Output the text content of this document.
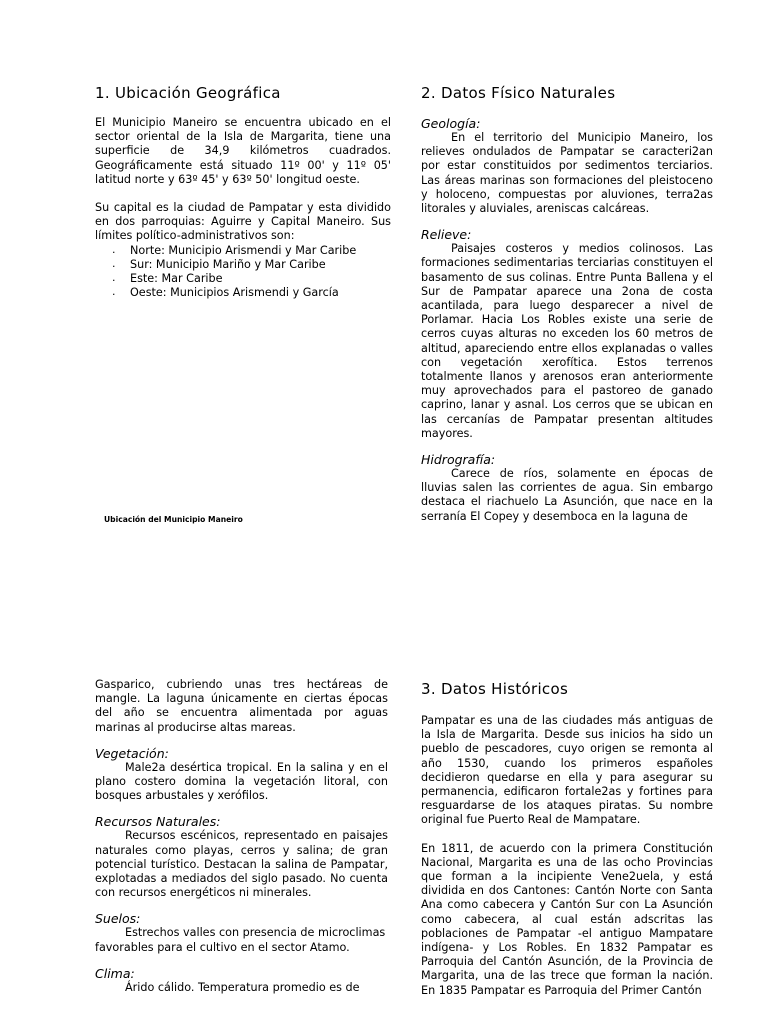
1. Ubicación Geográfica

El Municipio Maneiro se encuentra ubicado en el sector oriental de la Isla de Margarita, tiene una superficie de 34,9 kilómetros cuadrados. Geográficamente está situado 11º 00' y 11º 05' latitud norte y 63º 45' y 63º 50' longitud oeste.

Su capital es la ciudad de Pampatar y esta dividido en dos parroquias: Aguirre y Capital Maneiro. Sus límites político-administrativos son:

. Norte: Municipio Arismendi y Mar Caribe
. Sur: Municipio Mariño y Mar Caribe
. Este: Mar Caribe
. Oeste: Municipios Arismendi y García
Ubicación del Municipio Maneiro
2. Datos Físico Naturales

Geología:

En el territorio del Municipio Maneiro, los relieves ondulados de Pampatar se caracteri2an por estar constituidos por sedimentos terciarios. Las áreas marinas son formaciones del pleistoceno y holoceno, compuestas por aluviones, terra2as litorales y aluviales, areniscas calcáreas.

Relieve:

Paisajes costeros y medios colinosos. Las formaciones sedimentarias terciarias constituyen el basamento de sus colinas. Entre Punta Ballena y el Sur de Pampatar aparece una 2ona de costa acantilada, para luego desparecer a nivel de Porlamar. Hacia Los Robles existe una serie de cerros cuyas alturas no exceden los 60 metros de altitud, apareciendo entre ellos explanadas o valles con vegetación xerofítica. Estos terrenos totalmente llanos y arenosos eran anteriormente muy aprovechados para el pastoreo de ganado caprino, lanar y asnal. Los cerros que se ubican en las cercanías de Pampatar presentan altitudes mayores.

Hidrografía:

Carece de ríos, solamente en épocas de lluvias salen las corrientes de agua. Sin embargo destaca el riachuelo La Asunción, que nace en la serranía El Copey y desemboca en la laguna de

Gasparico, cubriendo unas tres hectáreas de mangle. La laguna únicamente en ciertas épocas del año se encuentra alimentada por aguas marinas al producirse altas mareas.

Vegetación:

Male2a desértica tropical. En la salina y en el plano costero domina la vegetación litoral, con bosques arbustales y xerófilos.

Recursos Naturales:

Recursos escénicos, representado en paisajes naturales como playas, cerros y salina; de gran potencial turístico. Destacan la salina de Pampatar, explotadas a mediados del siglo pasado. No cuenta con recursos energéticos ni minerales.

Suelos:

Estrechos valles con presencia de microclimas favorables para el cultivo en el sector Atamo.

Clima:

Árido cálido. Temperatura promedio es de

3. Datos Históricos

Pampatar es una de las ciudades más antiguas de la Isla de Margarita. Desde sus inicios ha sido un pueblo de pescadores, cuyo origen se remonta al año 1530, cuando los primeros españoles decidieron quedarse en ella y para asegurar su permanencia, edificaron fortale2as y fortines para resguardarse de los ataques piratas. Su nombre original fue Puerto Real de Mampatare.

En 1811, de acuerdo con la primera Constitución Nacional, Margarita es una de las ocho Provincias que forman a la incipiente Vene2uela, y está dividida en dos Cantones: Cantón Norte con Santa Ana como cabecera y Cantón Sur con La Asunción como cabecera, al cual están adscritas las poblaciones de Pampatar -el antiguo Mampatare indígena- y Los Robles. En 1832 Pampatar es Parroquia del Cantón Asunción, de la Provincia de Margarita, una de las trece que forman la nación. En 1835 Pampatar es Parroquia del Primer Cantón
